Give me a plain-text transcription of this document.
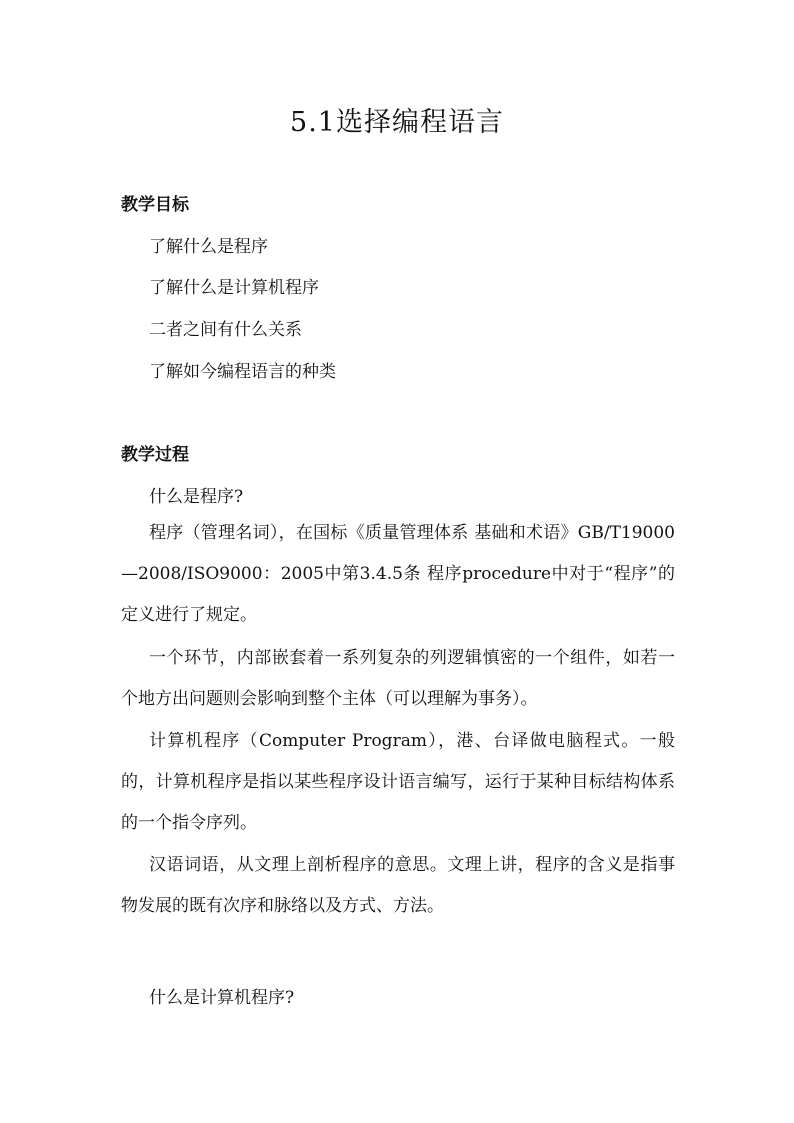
5.1选择编程语言
教学目标
了解什么是程序
了解什么是计算机程序
二者之间有什么关系
了解如今编程语言的种类
教学过程
什么是程序?
程序（管理名词），在国标《质量管理体系 基础和术语》GB/T19000—2008/ISO9000：2005中第3.4.5条 程序procedure中对于“程序”的定义进行了规定。
一个环节，内部嵌套着一系列复杂的列逻辑慎密的一个组件，如若一个地方出问题则会影响到整个主体（可以理解为事务）。
计算机程序（Computer Program），港、台译做电脑程式。一般的，计算机程序是指以某些程序设计语言编写，运行于某种目标结构体系的一个指令序列。
汉语词语，从文理上剖析程序的意思。文理上讲，程序的含义是指事物发展的既有次序和脉络以及方式、方法。
什么是计算机程序?
